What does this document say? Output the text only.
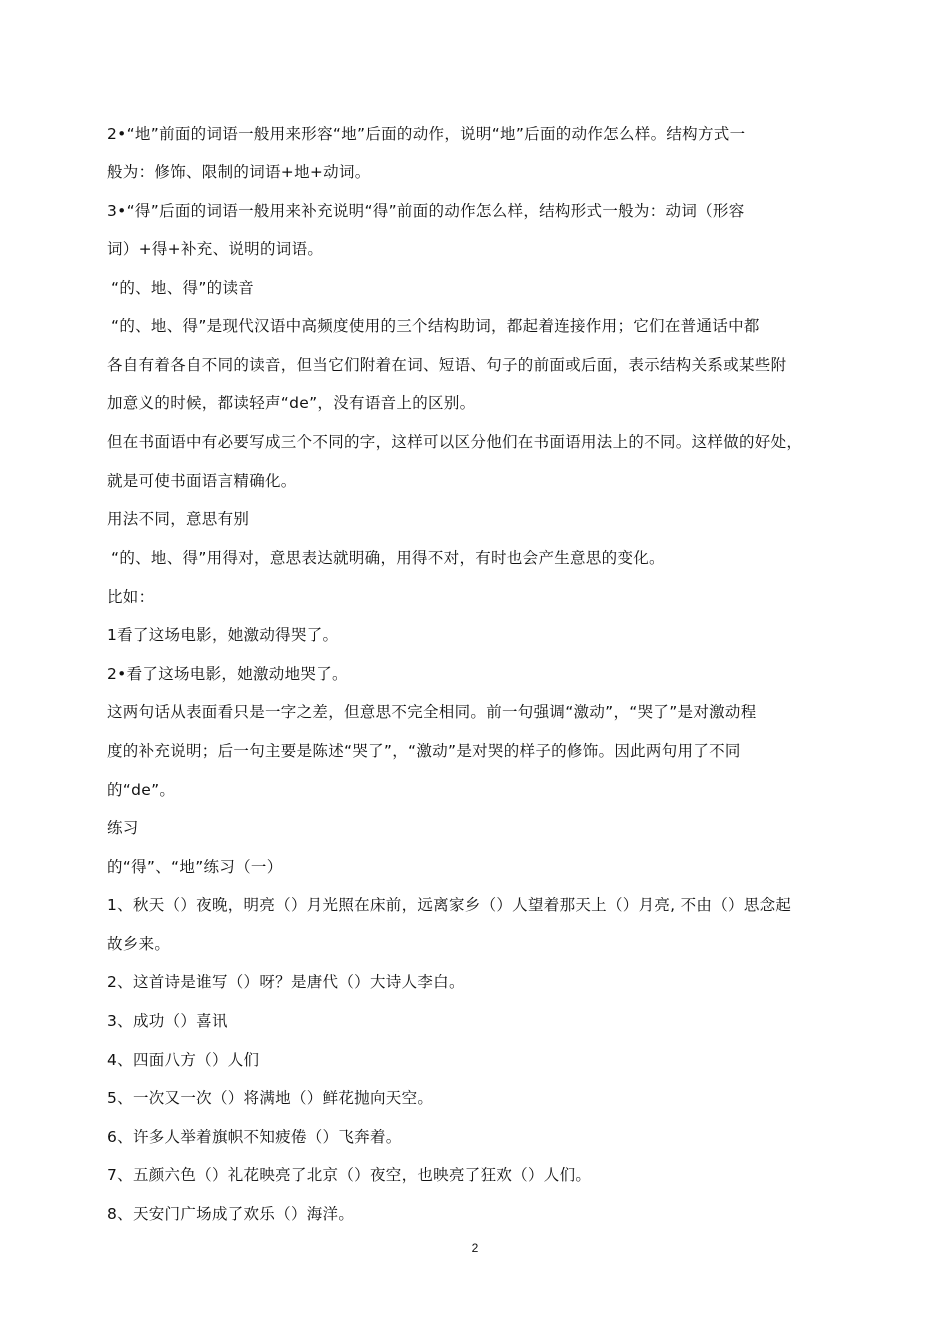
2•“地”前面的词语一般用来形容“地”后面的动作，说明“地”后面的动作怎么样。结构方式一
般为：修饰、限制的词语+地+动词。
3•“得”后面的词语一般用来补充说明“得”前面的动作怎么样，结构形式一般为：动词（形容
词）+得+补充、说明的词语。
“的、地、得”的读音
“的、地、得”是现代汉语中高频度使用的三个结构助词，都起着连接作用；它们在普通话中都
各自有着各自不同的读音，但当它们附着在词、短语、句子的前面或后面，表示结构关系或某些附
加意义的时候，都读轻声“de”，没有语音上的区别。
但在书面语中有必要写成三个不同的字，这样可以区分他们在书面语用法上的不同。这样做的好处，
就是可使书面语言精确化。
用法不同，意思有别
“的、地、得”用得对，意思表达就明确，用得不对，有时也会产生意思的变化。
比如：
1看了这场电影，她激动得哭了。
2•看了这场电影，她激动地哭了。
这两句话从表面看只是一字之差，但意思不完全相同。前一句强调“激动”，“哭了”是对激动程
度的补充说明；后一句主要是陈述“哭了”，“激动”是对哭的样子的修饰。因此两句用了不同
的“de”。
练习
的“得”、“地”练习（一）
1、秋天（）夜晚，明亮（）月光照在床前，远离家乡（）人望着那天上（）月亮, 不由（）思念起
故乡来。
2、这首诗是谁写（）呀？是唐代（）大诗人李白。
3、成功（）喜讯
4、四面八方（）人们
5、一次又一次（）将满地（）鲜花抛向天空。
6、许多人举着旗帜不知疲倦（）飞奔着。
7、五颜六色（）礼花映亮了北京（）夜空，也映亮了狂欢（）人们。
8、天安门广场成了欢乐（）海洋。
2
